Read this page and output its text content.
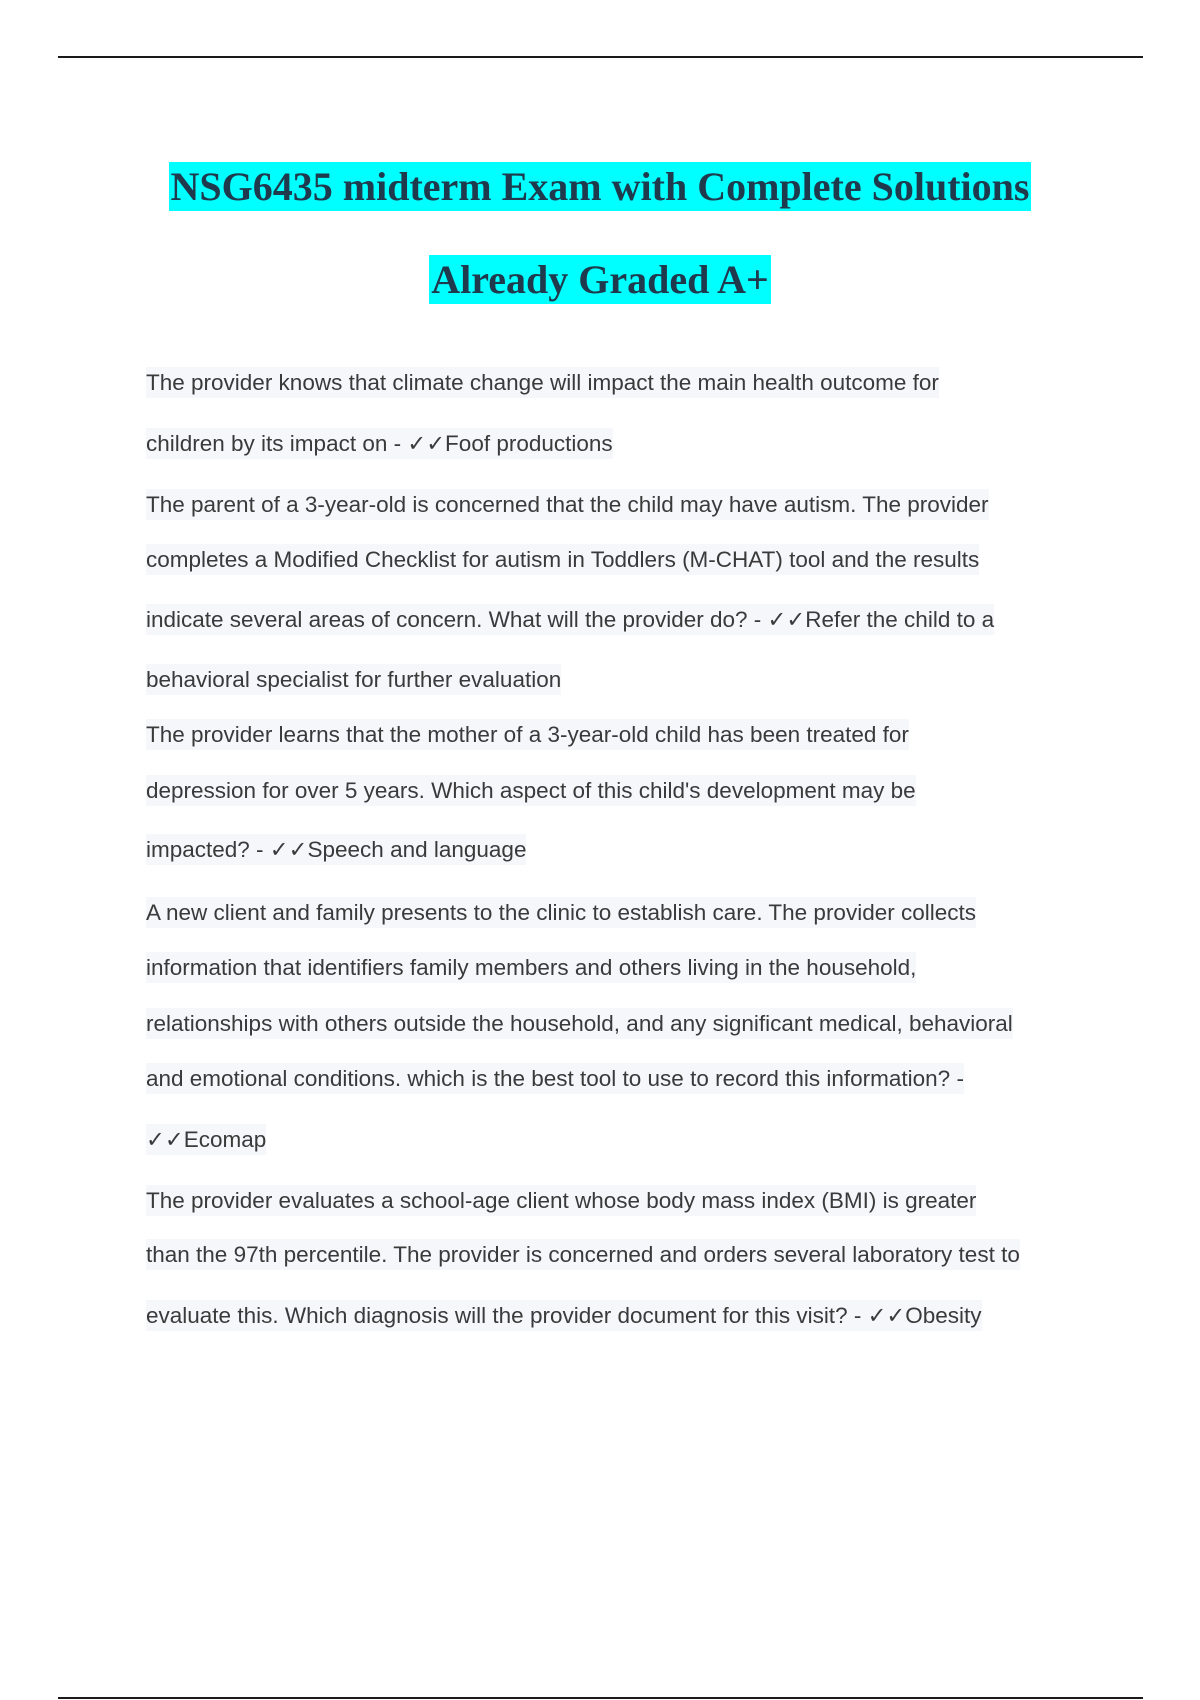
NSG6435 midterm Exam with Complete Solutions
Already Graded A+
The provider knows that climate change will impact the main health outcome for
children by its impact on - ✓✓Foof productions
The parent of a 3-year-old is concerned that the child may have autism. The provider
completes a Modified Checklist for autism in Toddlers (M-CHAT) tool and the results
indicate several areas of concern. What will the provider do? - ✓✓Refer the child to a
behavioral specialist for further evaluation
The provider learns that the mother of a 3-year-old child has been treated for
depression for over 5 years. Which aspect of this child's development may be
impacted? - ✓✓Speech and language
A new client and family presents to the clinic to establish care. The provider collects
information that identifiers family members and others living in the household,
relationships with others outside the household, and any significant medical, behavioral
and emotional conditions. which is the best tool to use to record this information? -
✓✓Ecomap
The provider evaluates a school-age client whose body mass index (BMI) is greater
than the 97th percentile. The provider is concerned and orders several laboratory test to
evaluate this. Which diagnosis will the provider document for this visit? - ✓✓Obesity
